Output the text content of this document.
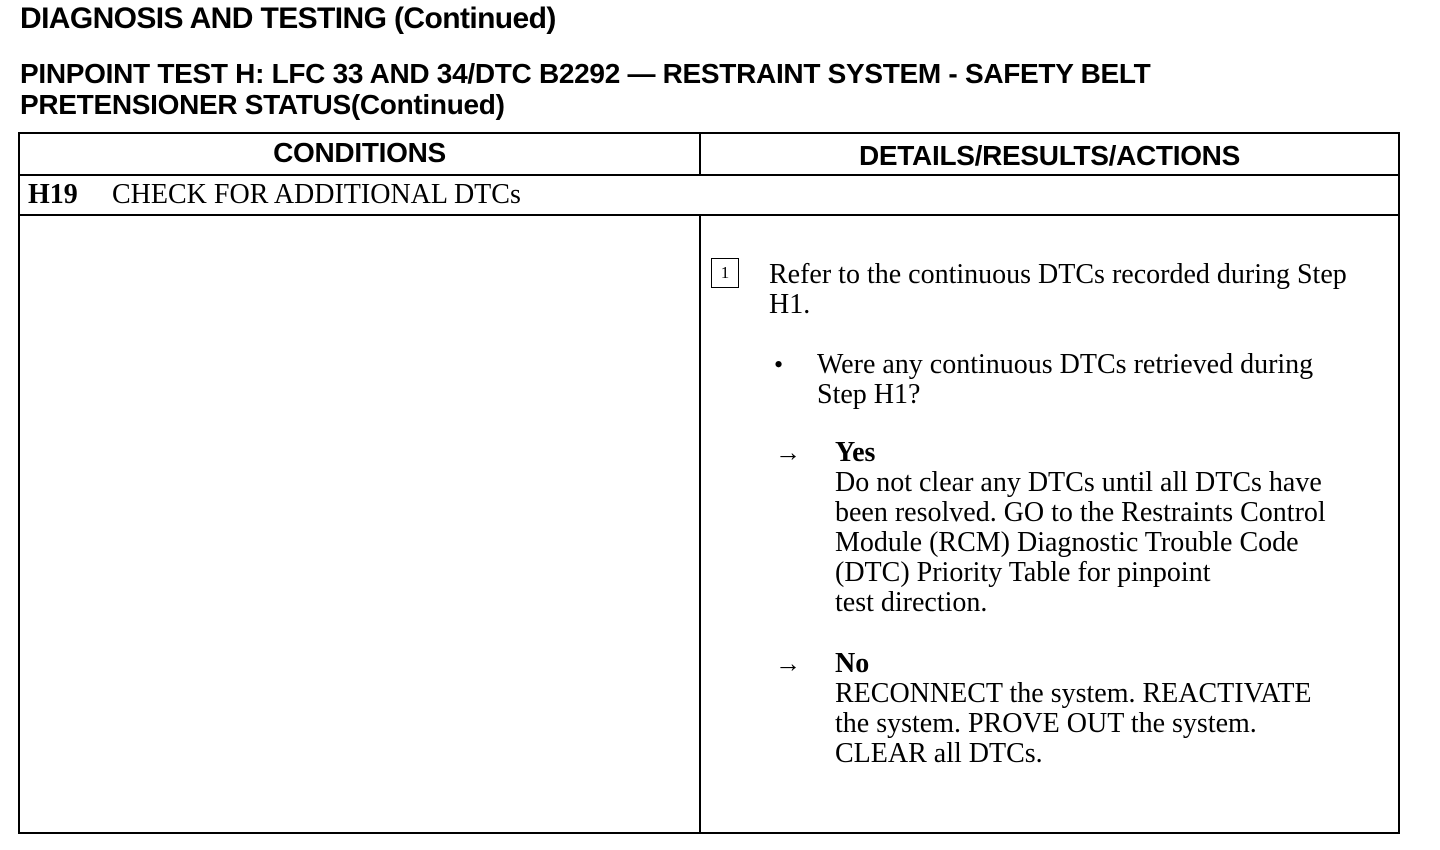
DIAGNOSIS AND TESTING (Continued)
PINPOINT TEST H: LFC 33 AND 34/DTC B2292 — RESTRAINT SYSTEM - SAFETY BELT
PRETENSIONER STATUS(Continued)
CONDITIONS	DETAILS/RESULTS/ACTIONS
H19 CHECK FOR ADDITIONAL DTCs
1	Refer to the continuous DTCs recorded during Step
H1.
• Were any continuous DTCs retrieved during
Step H1?
→ Yes
Do not clear any DTCs until all DTCs have
been resolved. GO to the Restraints Control
Module (RCM) Diagnostic Trouble Code
(DTC) Priority Table for pinpoint
test direction.
→ No
RECONNECT the system. REACTIVATE
the system. PROVE OUT the system.
CLEAR all DTCs.
